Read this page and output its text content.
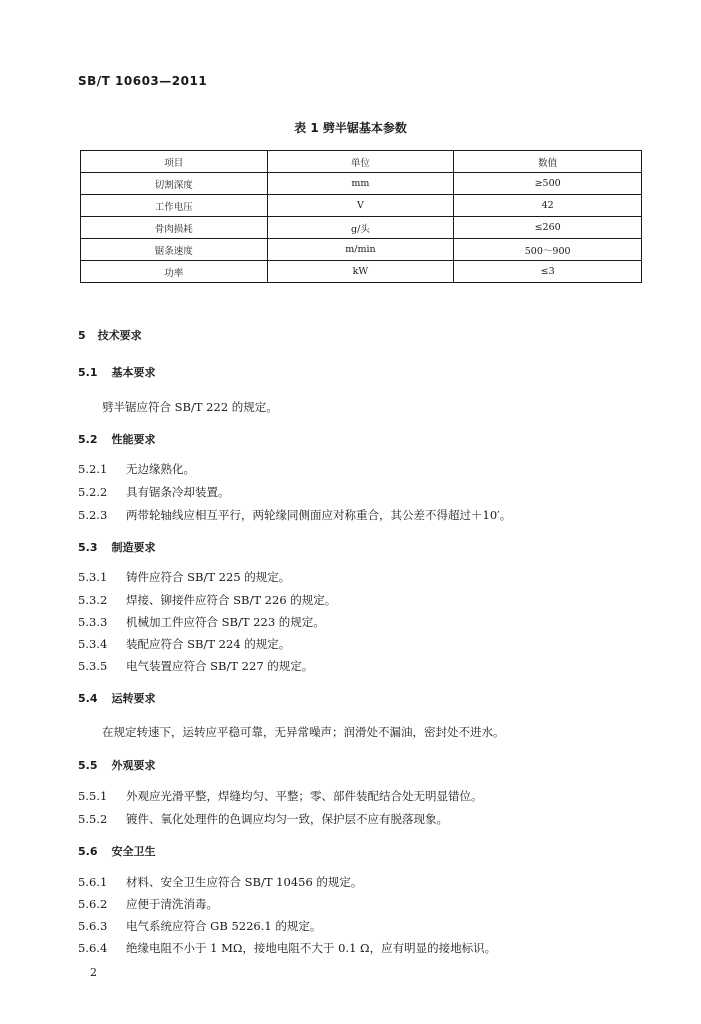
SB/T 10603—2011
表 1 劈半锯基本参数
项目	单位	数值
切割深度	mm	≥500
工作电压	V	42
骨肉损耗	g/头	≤260
锯条速度	m/min	500～900
功率	kW	≤3
5 技术要求
5.1 基本要求
劈半锯应符合 SB/T 222 的规定。
5.2 性能要求
5.2.1 无边缘熟化。
5.2.2 具有锯条冷却装置。
5.2.3 两带轮轴线应相互平行，两轮缘同侧面应对称重合，其公差不得超过＋10′。
5.3 制造要求
5.3.1 铸件应符合 SB/T 225 的规定。
5.3.2 焊接、铆接件应符合 SB/T 226 的规定。
5.3.3 机械加工件应符合 SB/T 223 的规定。
5.3.4 装配应符合 SB/T 224 的规定。
5.3.5 电气装置应符合 SB/T 227 的规定。
5.4 运转要求
在规定转速下，运转应平稳可靠，无异常噪声；润滑处不漏油，密封处不进水。
5.5 外观要求
5.5.1 外观应光滑平整，焊缝均匀、平整；零、部件装配结合处无明显错位。
5.5.2 镀件、氧化处理件的色调应均匀一致，保护层不应有脱落现象。
5.6 安全卫生
5.6.1 材料、安全卫生应符合 SB/T 10456 的规定。
5.6.2 应便于清洗消毒。
5.6.3 电气系统应符合 GB 5226.1 的规定。
5.6.4 绝缘电阻不小于 1 MΩ，接地电阻不大于 0.1 Ω，应有明显的接地标识。
2
